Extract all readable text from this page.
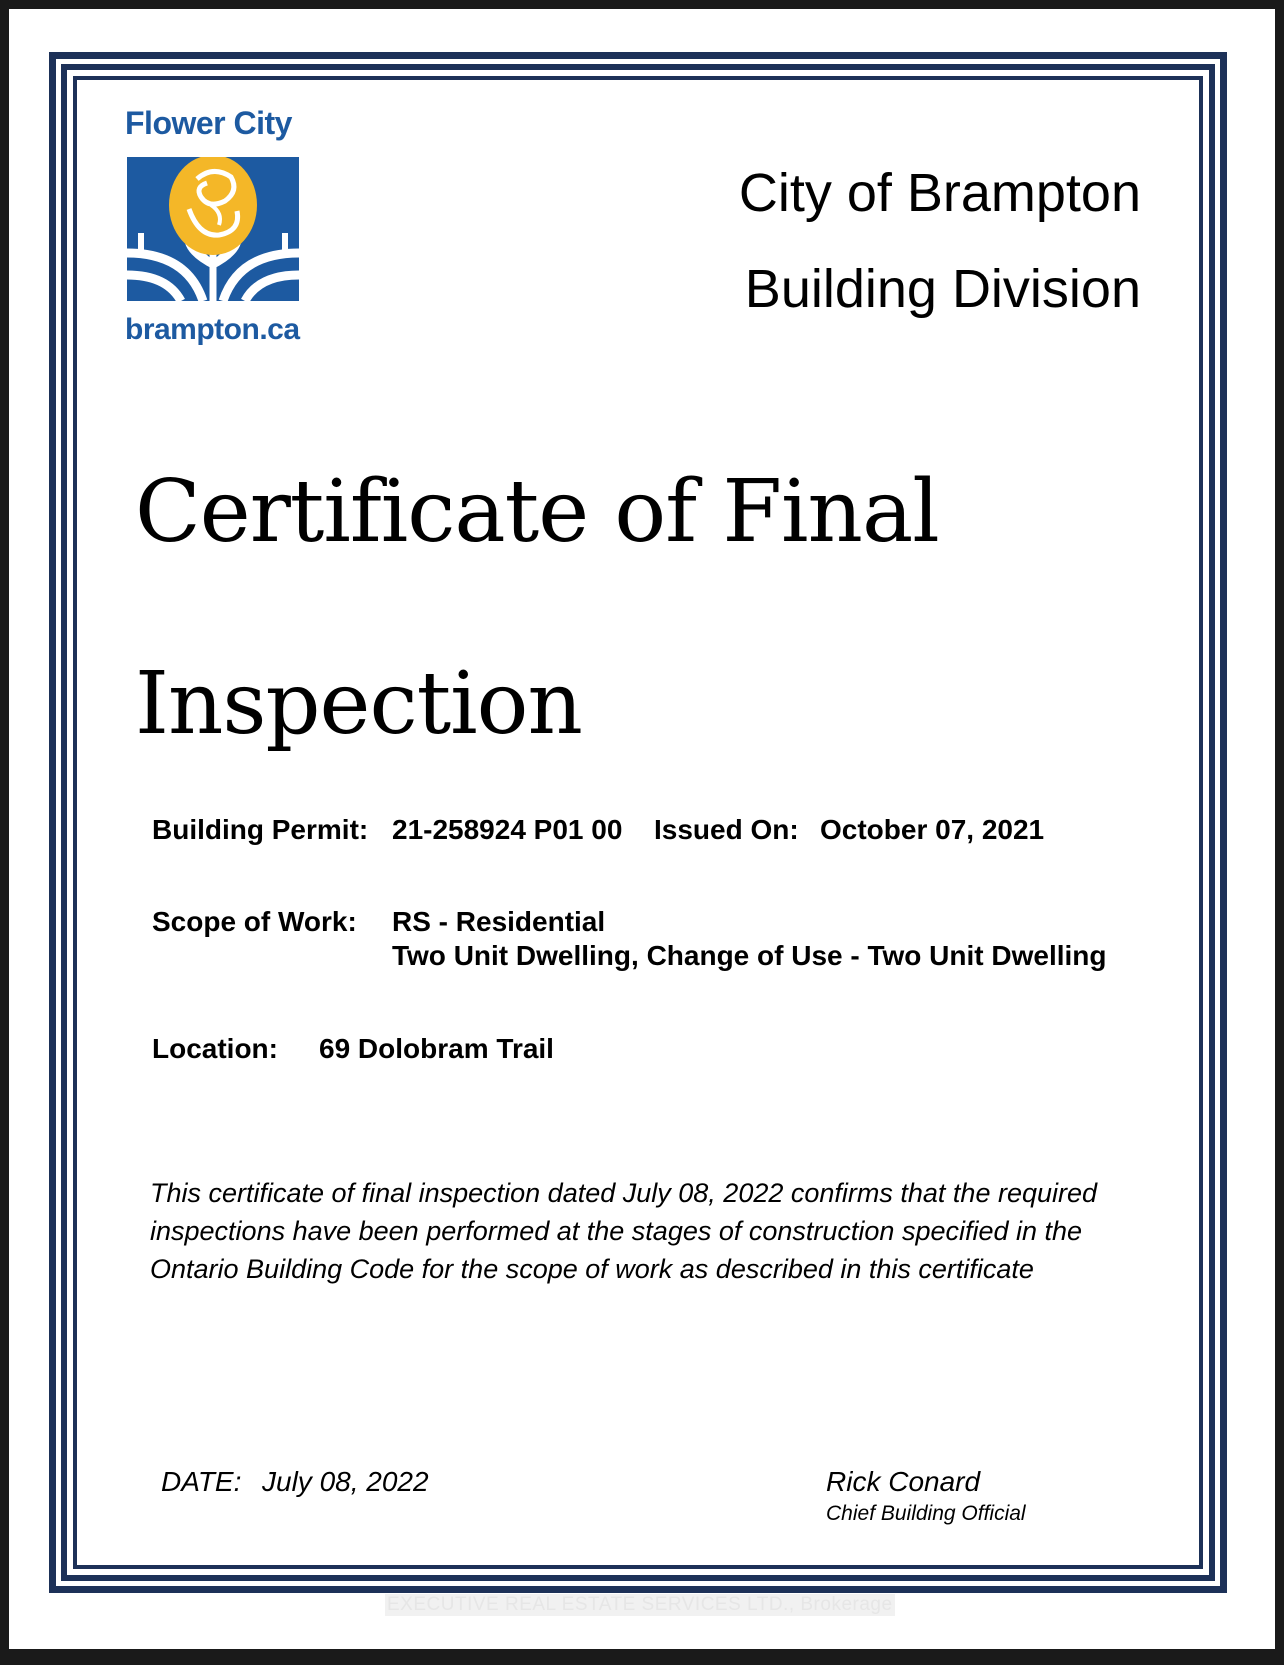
Flower City
brampton.ca
City of Brampton
Building Division
Certificate of Final
Inspection
Building Permit: 21-258924 P01 00 Issued On: October 07, 2021
Scope of Work: RS - Residential
Two Unit Dwelling, Change of Use - Two Unit Dwelling
Location: 69 Dolobram Trail
This certificate of final inspection dated July 08, 2022 confirms that the required inspections have been performed at the stages of construction specified in the Ontario Building Code for the scope of work as described in this certificate
DATE: July 08, 2022	Rick Conard
Chief Building Official
EXECUTIVE REAL ESTATE SERVICES LTD., Brokerage
